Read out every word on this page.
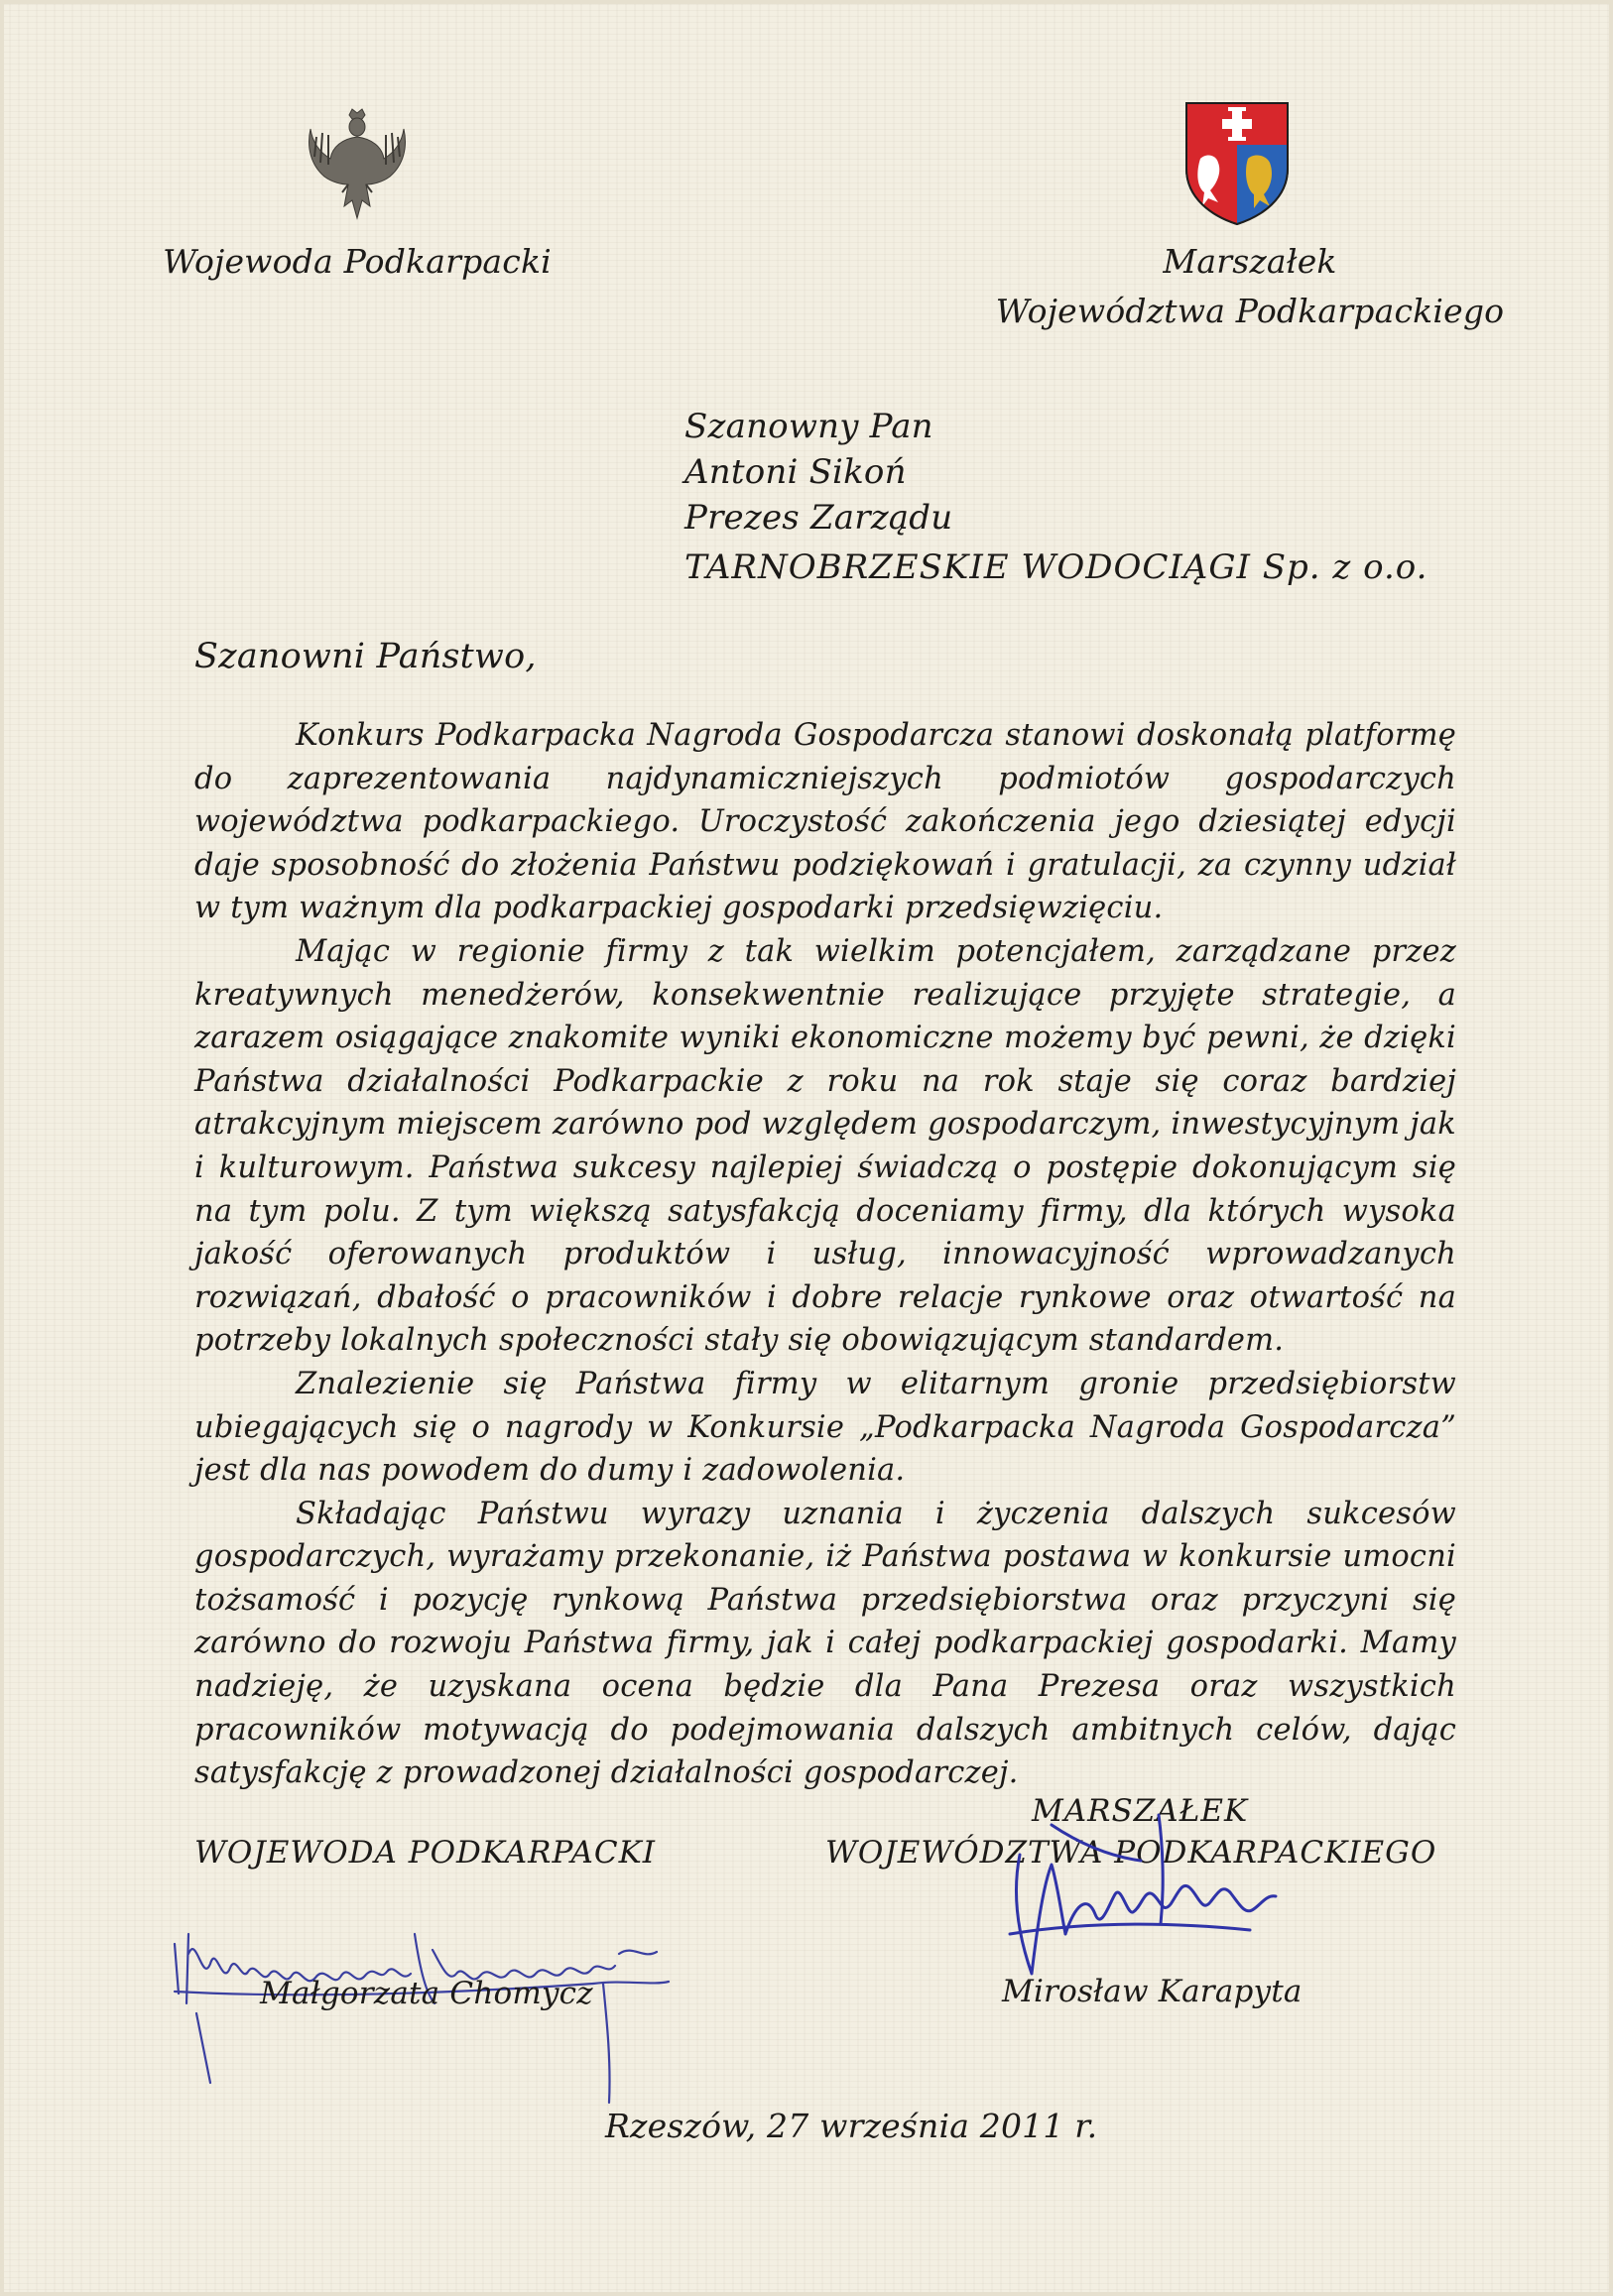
Wojewoda Podkarpacki	Marszałek
Województwa Podkarpackiego
Szanowny Pan
Antoni Sikoń
Prezes Zarządu
TARNOBRZESKIE WODOCIĄGI Sp. z o.o.
Szanowni Państwo,

Konkurs Podkarpacka Nagroda Gospodarcza stanowi doskonałą platformę do zaprezentowania najdynamiczniejszych podmiotów gospodarczych województwa podkarpackiego. Uroczystość zakończenia jego dziesiątej edycji daje sposobność do złożenia Państwu podziękowań i gratulacji, za czynny udział w tym ważnym dla podkarpackiej gospodarki przedsięwzięciu.

Mając w regionie firmy z tak wielkim potencjałem, zarządzane przez kreatywnych menedżerów, konsekwentnie realizujące przyjęte strategie, a zarazem osiągające znakomite wyniki ekonomiczne możemy być pewni, że dzięki Państwa działalności Podkarpackie z roku na rok staje się coraz bardziej atrakcyjnym miejscem zarówno pod względem gospodarczym, inwestycyjnym jak i kulturowym. Państwa sukcesy najlepiej świadczą o postępie dokonującym się na tym polu. Z tym większą satysfakcją doceniamy firmy, dla których wysoka jakość oferowanych produktów i usług, innowacyjność wprowadzanych rozwiązań, dbałość o pracowników i dobre relacje rynkowe oraz otwartość na potrzeby lokalnych społeczności stały się obowiązującym standardem.

Znalezienie się Państwa firmy w elitarnym gronie przedsiębiorstw ubiegających się o nagrody w Konkursie „Podkarpacka Nagroda Gospodarcza” jest dla nas powodem do dumy i zadowolenia.

Składając Państwu wyrazy uznania i życzenia dalszych sukcesów gospodarczych, wyrażamy przekonanie, iż Państwa postawa w konkursie umocni tożsamość i pozycję rynkową Państwa przedsiębiorstwa oraz przyczyni się zarówno do rozwoju Państwa firmy, jak i całej podkarpackiej gospodarki. Mamy nadzieję, że uzyskana ocena będzie dla Pana Prezesa oraz wszystkich pracowników motywacją do podejmowania dalszych ambitnych celów, dając satysfakcję z prowadzonej działalności gospodarczej.

WOJEWODA PODKARPACKI
MARSZAŁEK
WOJEWÓDZTWA PODKARPACKIEGO
Małgorzata Chomycz	Mirosław Karapyta
Rzeszów, 27 września 2011 r.
